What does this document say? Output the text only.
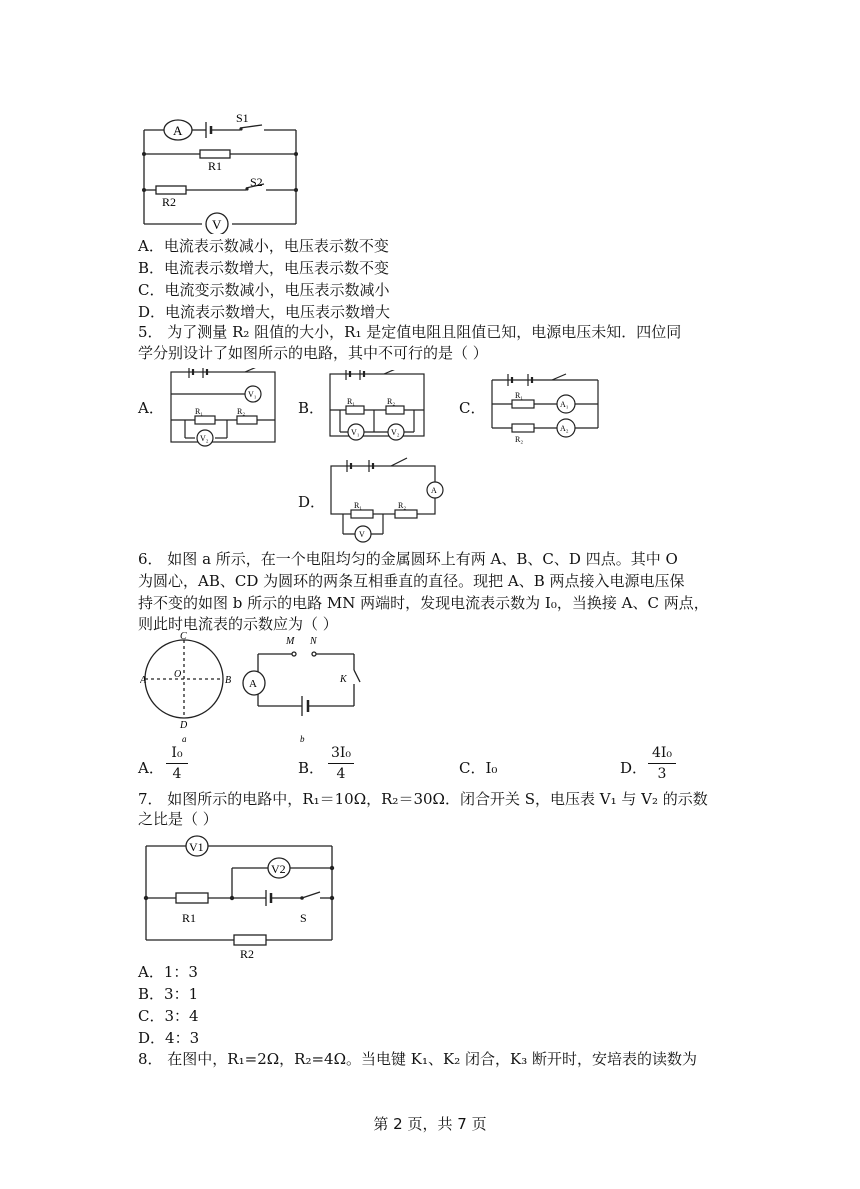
A
V
S1
S2
R1
R2
A．电流表示数减小，电压表示数不变
B．电流表示数增大，电压表示数不变
C．电流变示数减小，电压表示数减小
D．电流表示数增大，电压表示数增大
5． 为了测量 R₂ 阻值的大小，R₁ 是定值电阻且阻值已知，电源电压未知．四位同
学分别设计了如图所示的电路，其中不可行的是（ ）
A．	R₁	R₂
V₁
V₂
B．	R₁	R₂
V₁	V₂
C．
R₁
R₂
A₁
A₂
D．	R₁	R₂
A
V
6． 如图 a 所示，在一个电阻均匀的金属圆环上有两 A、B、C、D 四点。其中 O
为圆心，AB、CD 为圆环的两条互相垂直的直径。现把 A、B 两点接入电源电压保
持不变的如图 b 所示的电路 MN 两端时，发现电流表示数为 I₀，当换接 A、C 两点，
则此时电流表的示数应为（ ）
C
A
O
B
D
a
A
M N
K
b
A．
I₀
4	B．
3I₀
4	C．I₀	D．
4I₀
3
7． 如图所示的电路中，R₁＝10Ω，R₂＝30Ω．闭合开关 S，电压表 V₁ 与 V₂ 的示数
之比是（ ）
V1
V2
R1
R2
S
A．1：3
B．3：1
C．3：4
D．4：3
8． 在图中，R₁=2Ω，R₂=4Ω。当电键 K₁、K₂ 闭合，K₃ 断开时，安培表的读数为
第 2 页，共 7 页
